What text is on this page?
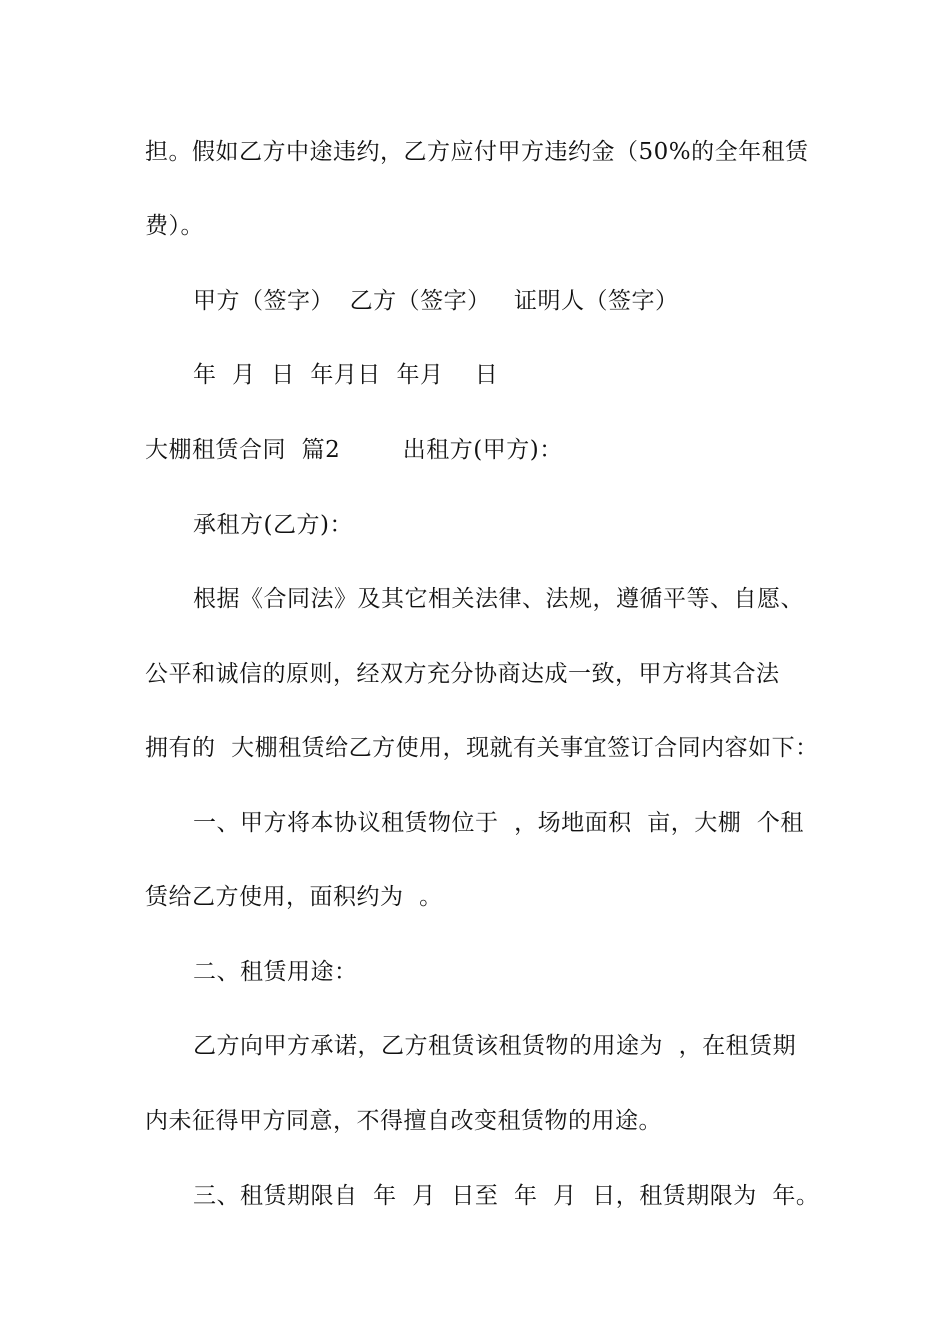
担。假如乙方中途违约，乙方应付甲方违约金（50%的全年租赁
费）。
甲方（签字）  乙方（签字）   证明人（签字）
年  月  日  年月日  年月    日
大棚租赁合同  篇2        出租方(甲方)：
承租方(乙方)：
根据《合同法》及其它相关法律、法规，遵循平等、自愿、
公平和诚信的原则，经双方充分协商达成一致，甲方将其合法
拥有的  大棚租赁给乙方使用，现就有关事宜签订合同内容如下：
一、甲方将本协议租赁物位于  ，场地面积  亩，大棚  个租
赁给乙方使用，面积约为  。
二、租赁用途：
乙方向甲方承诺，乙方租赁该租赁物的用途为  ，在租赁期
内未征得甲方同意，不得擅自改变租赁物的用途。
三、租赁期限自  年  月  日至  年  月  日，租赁期限为  年。
